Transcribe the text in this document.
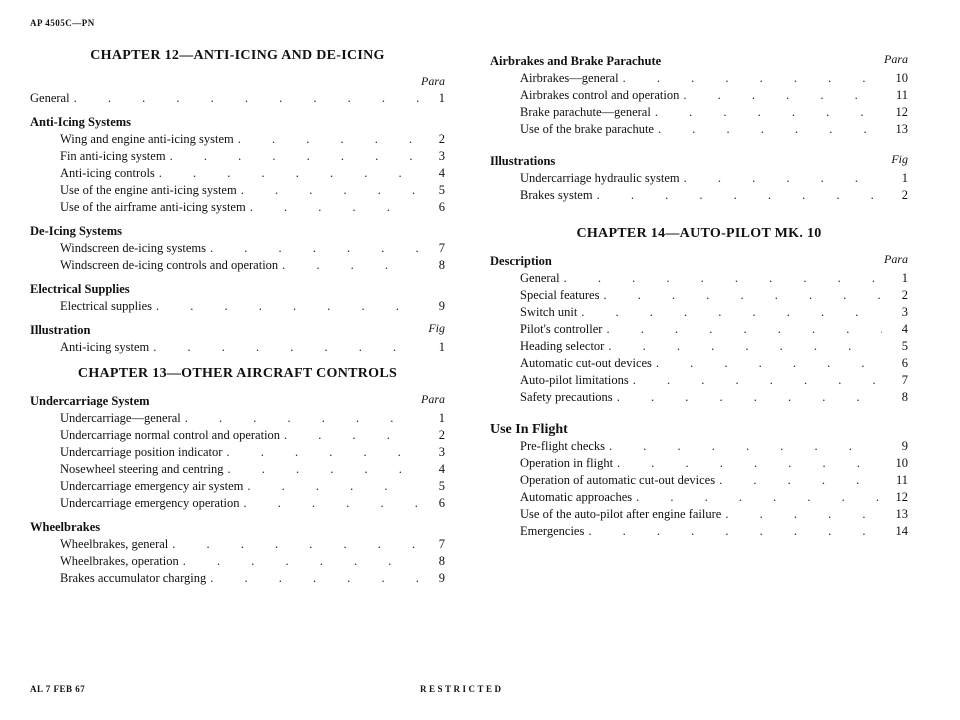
AP 4505C—PN
CHAPTER 12—ANTI-ICING AND DE-ICING
Para
General . . .	1
Anti-Icing Systems
Wing and engine anti-icing system . . .	2
Fin anti-icing system . . .	3
Anti-icing controls . . .	4
Use of the engine anti-icing system . . .	5
Use of the airframe anti-icing system . . .	6
De-Icing Systems
Windscreen de-icing systems . . .	7
Windscreen de-icing controls and operation . . .	8
Electrical Supplies
Electrical supplies . . .	9
Illustration	Fig
Anti-icing system . . .	1
CHAPTER 13—OTHER AIRCRAFT CONTROLS
Undercarriage System	Para
Undercarriage—general . . .	1
Undercarriage normal control and operation . . .	2
Undercarriage position indicator . . .	3
Nosewheel steering and centring . . .	4
Undercarriage emergency air system . . .	5
Undercarriage emergency operation . . .	6
Wheelbrakes
Wheelbrakes, general . . .	7
Wheelbrakes, operation . . .	8
Brakes accumulator charging . . .	9
Airbrakes and Brake Parachute	Para
Airbrakes—general . . .	10
Airbrakes control and operation . . .	11
Brake parachute—general . . .	12
Use of the brake parachute . . .	13
Illustrations	Fig
Undercarriage hydraulic system . . .	1
Brakes system . . .	2
CHAPTER 14—AUTO-PILOT MK. 10
Description	Para
General . . .	1
Special features . . .	2
Switch unit . . .	3
Pilot's controller . . .	4
Heading selector . . .	5
Automatic cut-out devices . . .	6
Auto-pilot limitations . . .	7
Safety precautions . . .	8
Use In Flight
Pre-flight checks . . .	9
Operation in flight . . .	10
Operation of automatic cut-out devices . . .	11
Automatic approaches . . .	12
Use of the auto-pilot after engine failure . . .	13
Emergencies . . .	14
AL 7 FEB 67	RESTRICTED
